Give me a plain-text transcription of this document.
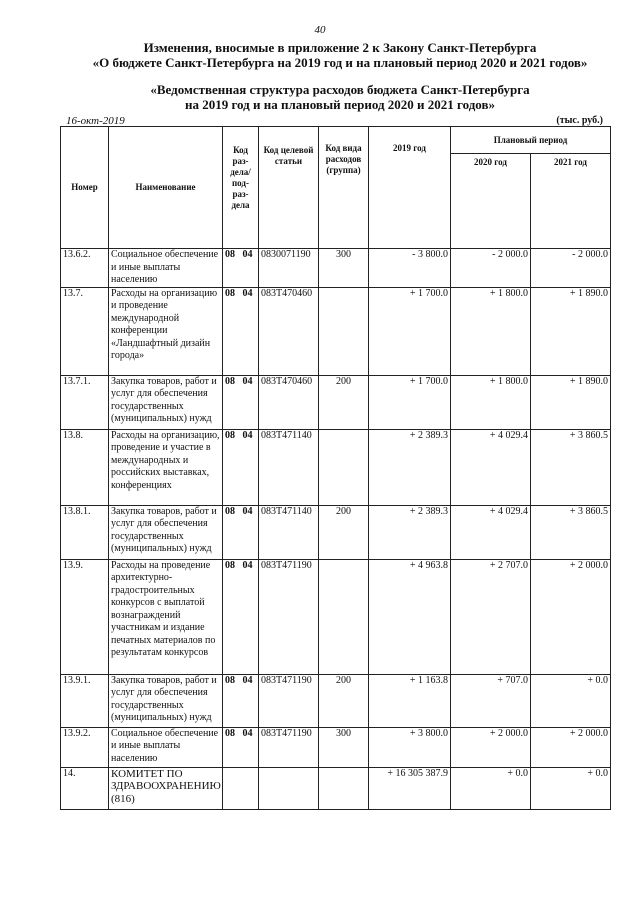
40
Изменения, вносимые в приложение 2 к Закону Санкт-Петербурга
«О бюджете Санкт-Петербурга на 2019 год и на плановый период 2020 и 2021 годов»
«Ведомственная структура расходов бюджета Санкт-Петербурга
на 2019 год и на плановый период 2020 и 2021 годов»
16-окт-2019	(тыс. руб.)
Номер	Наименование	Код раз-дела/ под-раз-дела	Код целевой статьи	Код вида расходов (группа)	2019 год	Плановый период	
						2020 год	2021 год
13.6.2.	Социальное обеспечение и иные выплаты населению	08 04	0830071190	300	- 3 800.0	- 2 000.0	- 2 000.0
13.7.	Расходы на организацию и проведение международной конференции «Ландшафтный дизайн города»	08 04	083Т470460		+ 1 700.0	+ 1 800.0	+ 1 890.0
13.7.1.	Закупка товаров, работ и услуг для обеспечения государственных (муниципальных) нужд	08 04	083Т470460	200	+ 1 700.0	+ 1 800.0	+ 1 890.0
13.8.	Расходы на организацию, проведение и участие в международных и российских выставках, конференциях	08 04	083Т471140		+ 2 389.3	+ 4 029.4	+ 3 860.5
13.8.1.	Закупка товаров, работ и услуг для обеспечения государственных (муниципальных) нужд	08 04	083Т471140	200	+ 2 389.3	+ 4 029.4	+ 3 860.5
13.9.	Расходы на проведение архитектурно-градостроительных конкурсов с выплатой вознаграждений участникам и издание печатных материалов по результатам конкурсов	08 04	083Т471190		+ 4 963.8	+ 2 707.0	+ 2 000.0
13.9.1.	Закупка товаров, работ и услуг для обеспечения государственных (муниципальных) нужд	08 04	083Т471190	200	+ 1 163.8	+ 707.0	+ 0.0
13.9.2.	Социальное обеспечение и иные выплаты населению	08 04	083Т471190	300	+ 3 800.0	+ 2 000.0	+ 2 000.0
14.	КОМИТЕТ ПО ЗДРАВООХРАНЕНИЮ (816)				+ 16 305 387.9	+ 0.0	+ 0.0
